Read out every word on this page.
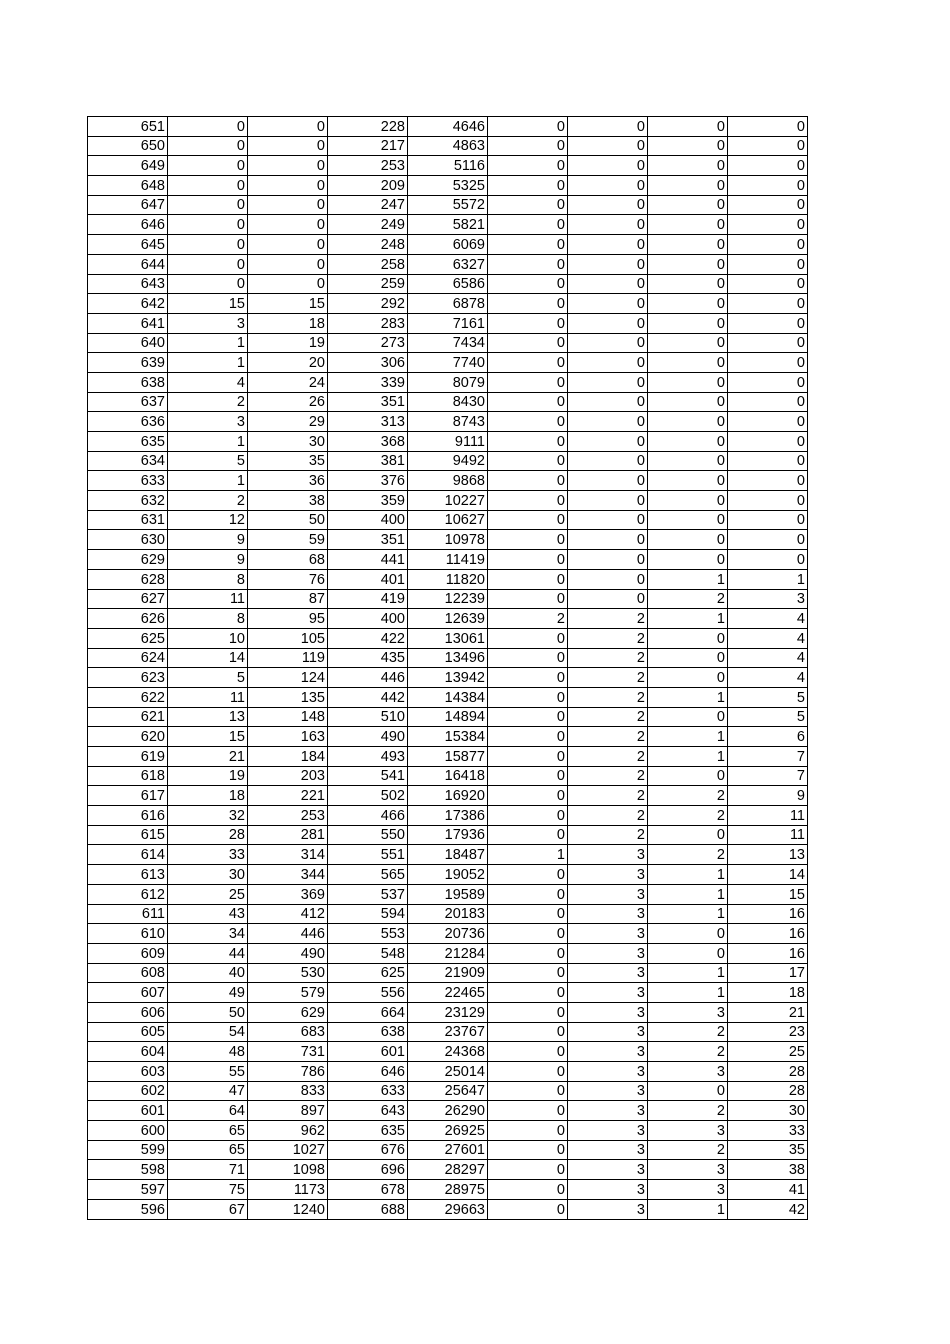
651	0	0	228	4646	0	0	0	0
650	0	0	217	4863	0	0	0	0
649	0	0	253	5116	0	0	0	0
648	0	0	209	5325	0	0	0	0
647	0	0	247	5572	0	0	0	0
646	0	0	249	5821	0	0	0	0
645	0	0	248	6069	0	0	0	0
644	0	0	258	6327	0	0	0	0
643	0	0	259	6586	0	0	0	0
642	15	15	292	6878	0	0	0	0
641	3	18	283	7161	0	0	0	0
640	1	19	273	7434	0	0	0	0
639	1	20	306	7740	0	0	0	0
638	4	24	339	8079	0	0	0	0
637	2	26	351	8430	0	0	0	0
636	3	29	313	8743	0	0	0	0
635	1	30	368	9111	0	0	0	0
634	5	35	381	9492	0	0	0	0
633	1	36	376	9868	0	0	0	0
632	2	38	359	10227	0	0	0	0
631	12	50	400	10627	0	0	0	0
630	9	59	351	10978	0	0	0	0
629	9	68	441	11419	0	0	0	0
628	8	76	401	11820	0	0	1	1
627	11	87	419	12239	0	0	2	3
626	8	95	400	12639	2	2	1	4
625	10	105	422	13061	0	2	0	4
624	14	119	435	13496	0	2	0	4
623	5	124	446	13942	0	2	0	4
622	11	135	442	14384	0	2	1	5
621	13	148	510	14894	0	2	0	5
620	15	163	490	15384	0	2	1	6
619	21	184	493	15877	0	2	1	7
618	19	203	541	16418	0	2	0	7
617	18	221	502	16920	0	2	2	9
616	32	253	466	17386	0	2	2	11
615	28	281	550	17936	0	2	0	11
614	33	314	551	18487	1	3	2	13
613	30	344	565	19052	0	3	1	14
612	25	369	537	19589	0	3	1	15
611	43	412	594	20183	0	3	1	16
610	34	446	553	20736	0	3	0	16
609	44	490	548	21284	0	3	0	16
608	40	530	625	21909	0	3	1	17
607	49	579	556	22465	0	3	1	18
606	50	629	664	23129	0	3	3	21
605	54	683	638	23767	0	3	2	23
604	48	731	601	24368	0	3	2	25
603	55	786	646	25014	0	3	3	28
602	47	833	633	25647	0	3	0	28
601	64	897	643	26290	0	3	2	30
600	65	962	635	26925	0	3	3	33
599	65	1027	676	27601	0	3	2	35
598	71	1098	696	28297	0	3	3	38
597	75	1173	678	28975	0	3	3	41
596	67	1240	688	29663	0	3	1	42
